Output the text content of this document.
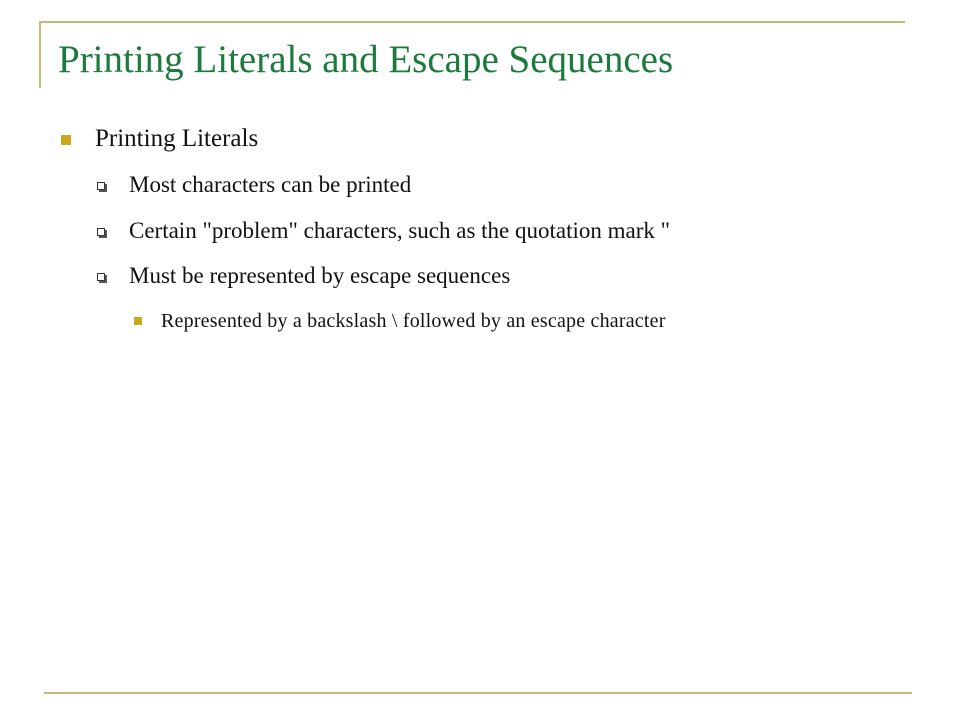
Printing Literals and Escape Sequences
Printing Literals
Most characters can be printed
Certain "problem" characters, such as the quotation mark "
Must be represented by escape sequences
Represented by a backslash \ followed by an escape character
